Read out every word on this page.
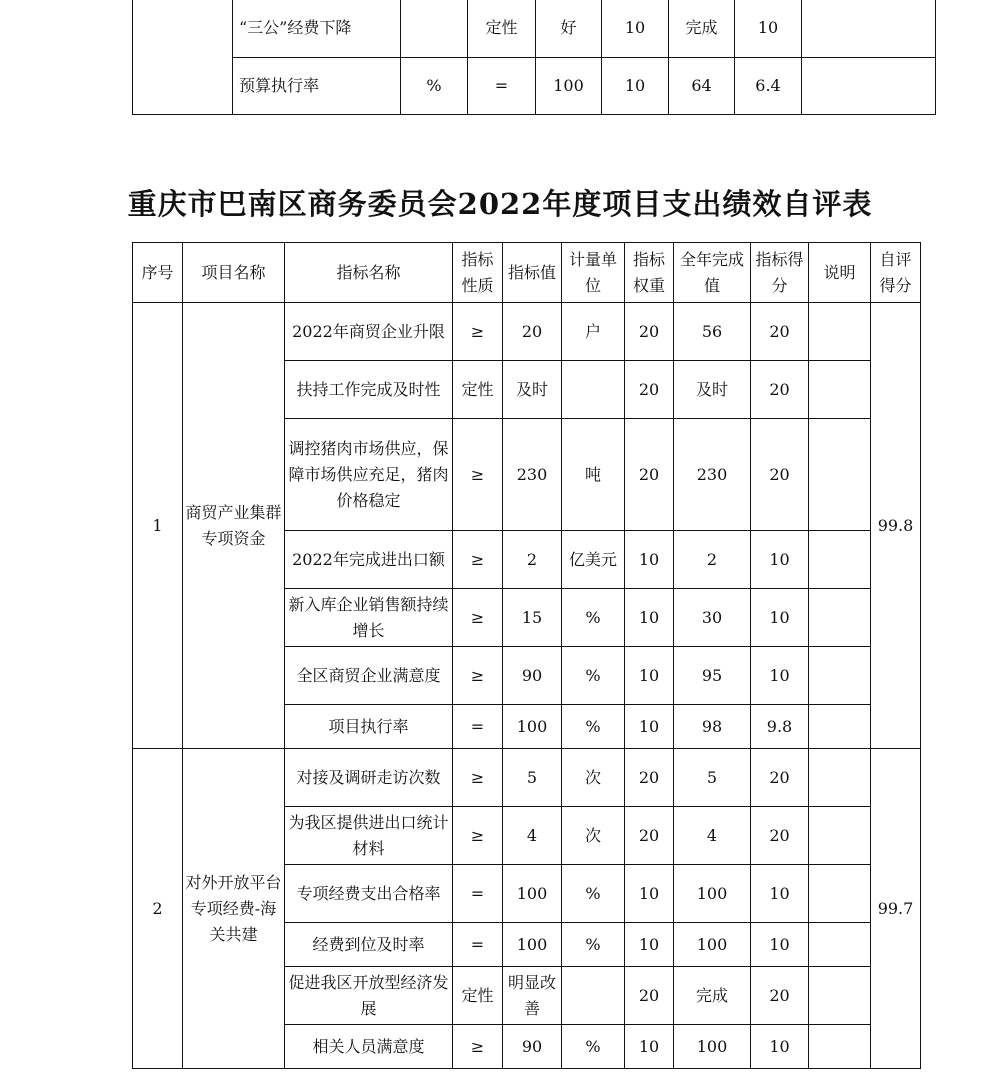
	“三公”经费下降		定性	好	10	完成	10	
	预算执行率	%	=	100	10	64	6.4	
重庆市巴南区商务委员会2022年度项目支出绩效自评表
序号	项目名称	指标名称	指标性质	指标值	计量单位	指标权重	全年完成值	指标得分	说明	自评得分
1	商贸产业集群专项资金	2022年商贸企业升限	≥	20	户	20	56	20		99.8
		扶持工作完成及时性	定性	及时		20	及时	20		
		调控猪肉市场供应，保障市场供应充足，猪肉价格稳定	≥	230	吨	20	230	20		
		2022年完成进出口额	≥	2	亿美元	10	2	10		
		新入库企业销售额持续增长	≥	15	%	10	30	10		
		全区商贸企业满意度	≥	90	%	10	95	10		
		项目执行率	=	100	%	10	98	9.8		
2	对外开放平台专项经费-海关共建	对接及调研走访次数	≥	5	次	20	5	20		99.7
		为我区提供进出口统计材料	≥	4	次	20	4	20		
		专项经费支出合格率	=	100	%	10	100	10		
		经费到位及时率	=	100	%	10	100	10		
		促进我区开放型经济发展	定性	明显改善		20	完成	20		
		相关人员满意度	≥	90	%	10	100	10		
